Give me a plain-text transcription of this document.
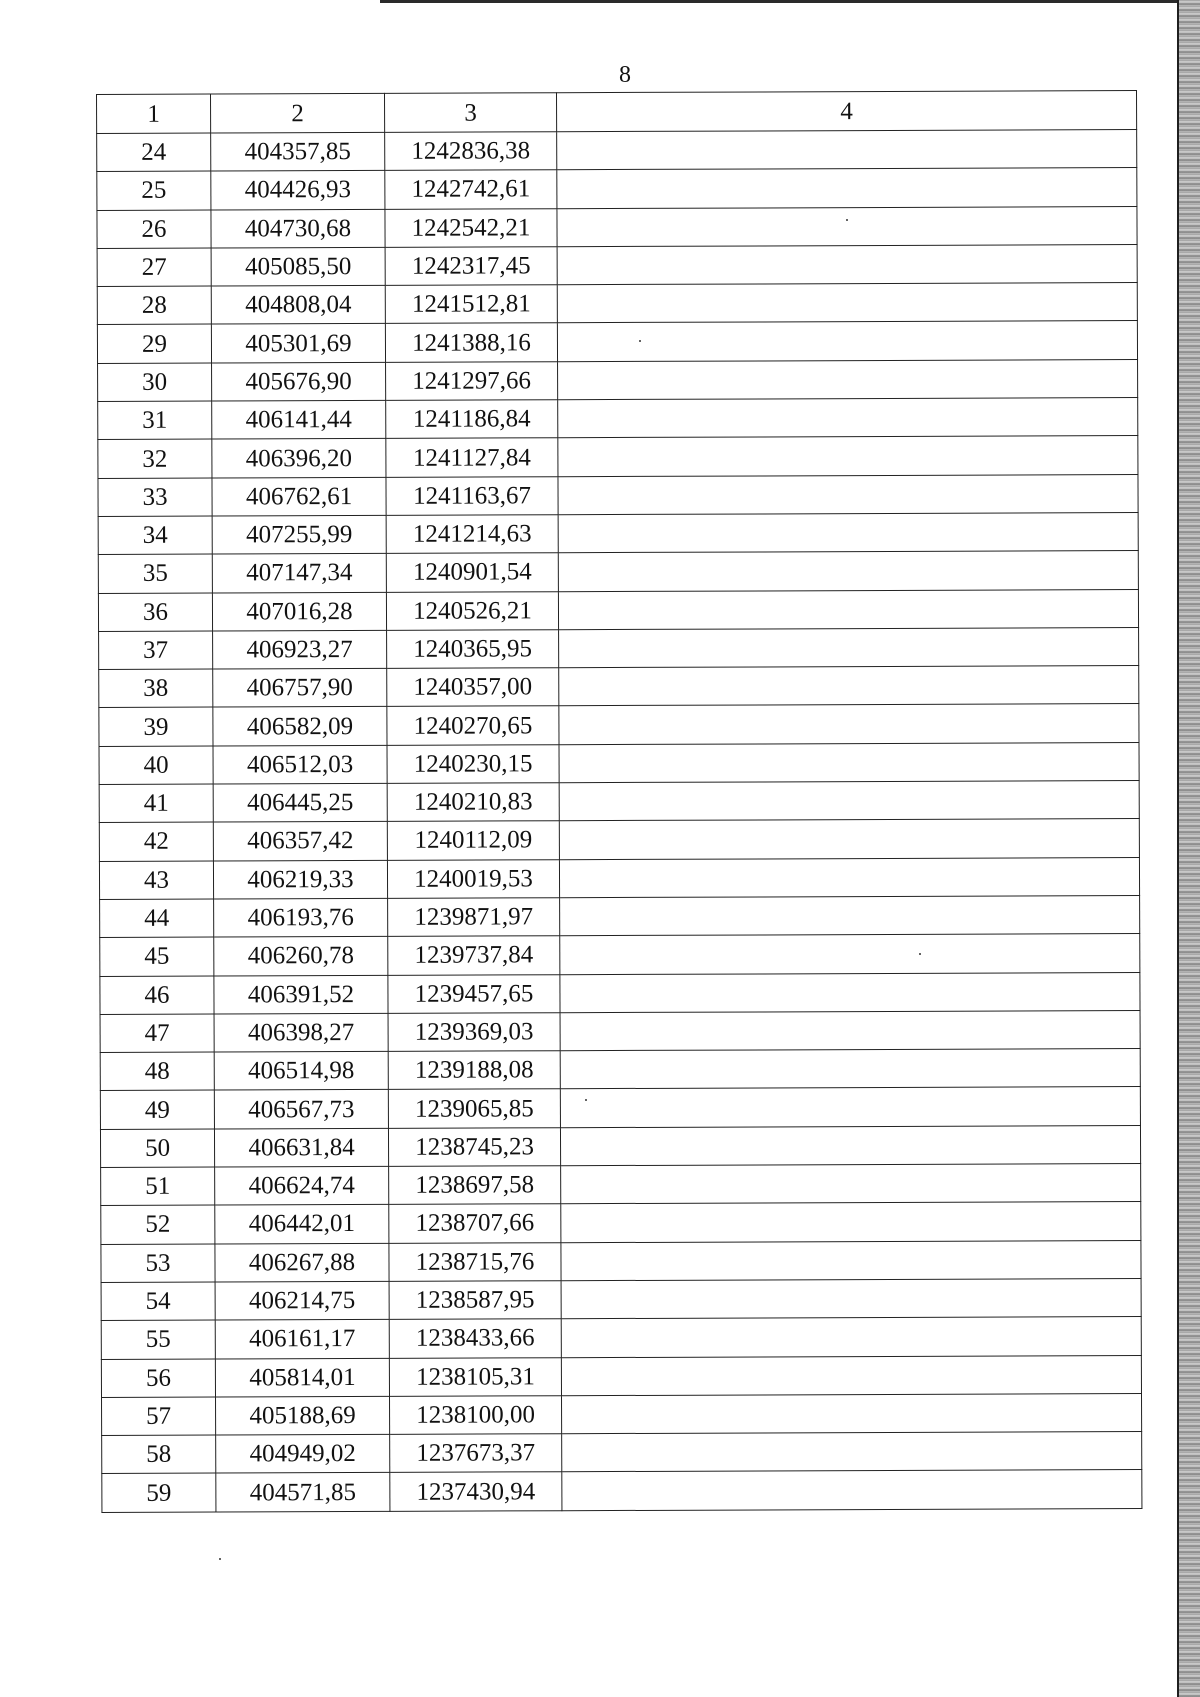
8
1	2	3	4
24	404357,85	1242836,38	
25	404426,93	1242742,61	
26	404730,68	1242542,21	
27	405085,50	1242317,45	
28	404808,04	1241512,81	
29	405301,69	1241388,16	
30	405676,90	1241297,66	
31	406141,44	1241186,84	
32	406396,20	1241127,84	
33	406762,61	1241163,67	
34	407255,99	1241214,63	
35	407147,34	1240901,54	
36	407016,28	1240526,21	
37	406923,27	1240365,95	
38	406757,90	1240357,00	
39	406582,09	1240270,65	
40	406512,03	1240230,15	
41	406445,25	1240210,83	
42	406357,42	1240112,09	
43	406219,33	1240019,53	
44	406193,76	1239871,97	
45	406260,78	1239737,84	
46	406391,52	1239457,65	
47	406398,27	1239369,03	
48	406514,98	1239188,08	
49	406567,73	1239065,85	
50	406631,84	1238745,23	
51	406624,74	1238697,58	
52	406442,01	1238707,66	
53	406267,88	1238715,76	
54	406214,75	1238587,95	
55	406161,17	1238433,66	
56	405814,01	1238105,31	
57	405188,69	1238100,00	
58	404949,02	1237673,37	
59	404571,85	1237430,94	
